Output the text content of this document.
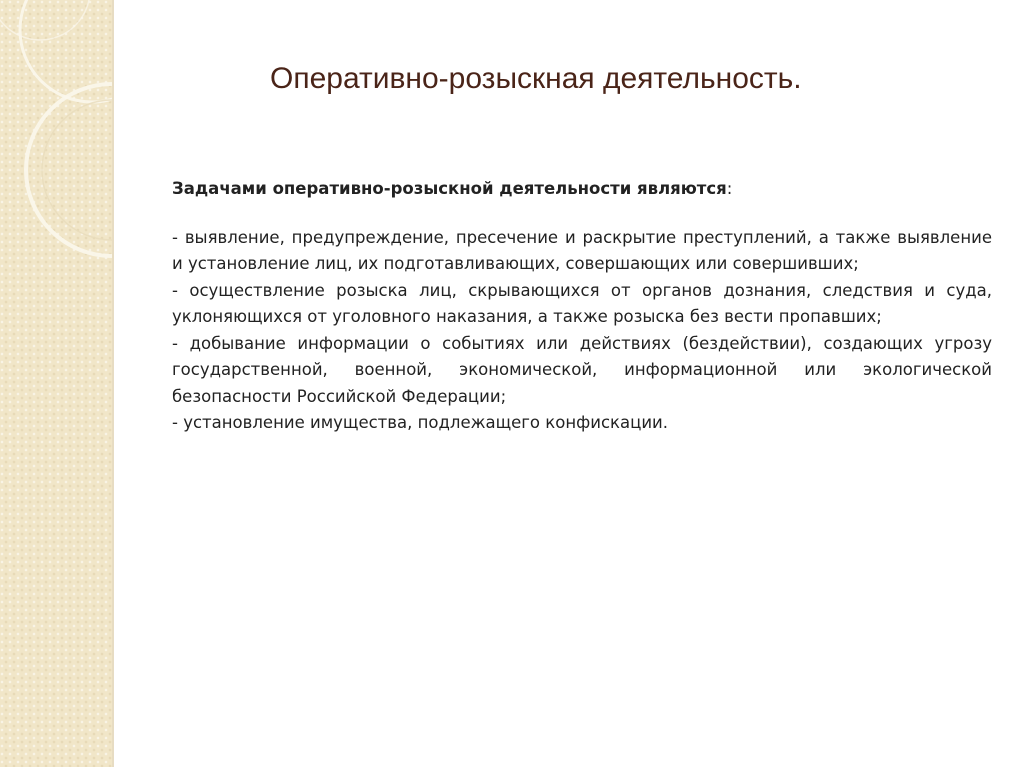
Оперативно-розыскная деятельность.

Задачами оперативно-розыскной деятельности являются:

- выявление, предупреждение, пресечение и раскрытие преступлений, а также выявление и установление лиц, их подготавливающих, совершающих или совершивших;

- осуществление розыска лиц, скрывающихся от органов дознания, следствия и суда, уклоняющихся от уголовного наказания, а также розыска без вести пропавших;

- добывание информации о событиях или действиях (бездействии), создающих угрозу государственной, военной, экономической, информационной или экологической безопасности Российской Федерации;

- установление имущества, подлежащего конфискации.
